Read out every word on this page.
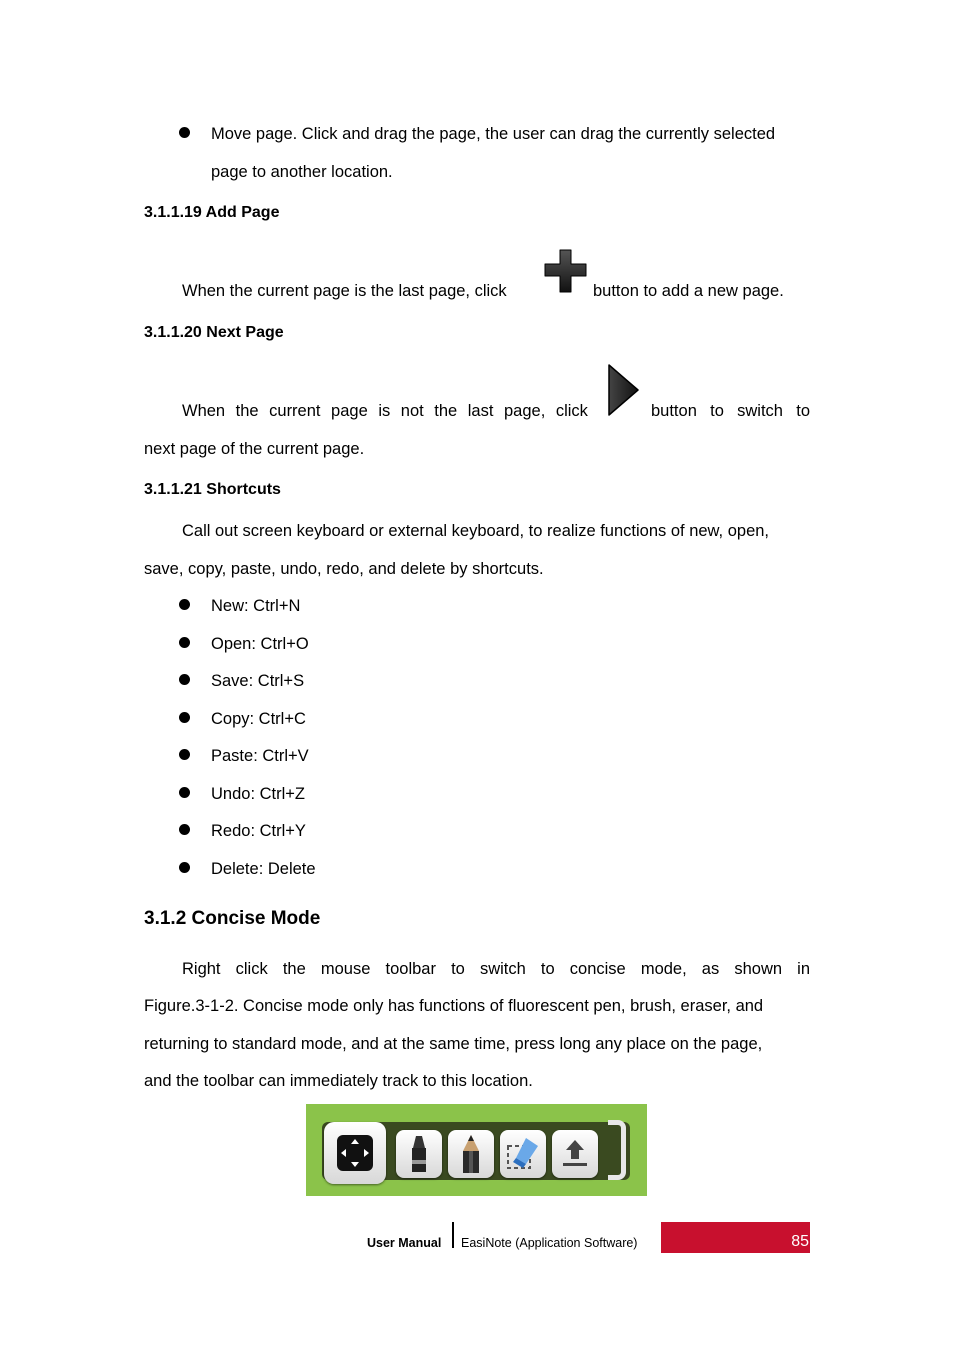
Move page. Click and drag the page, the user can drag the currently selected
page to another location.
3.1.1.19 Add Page
When the current page is the last page, click	button to add a new page.
3.1.1.20 Next Page
When the current page is not the last page, click	button to switch to
next page of the current page.
3.1.1.21 Shortcuts
Call out screen keyboard or external keyboard, to realize functions of new, open,
save, copy, paste, undo, redo, and delete by shortcuts.
New: Ctrl+N
Open: Ctrl+O
Save: Ctrl+S
Copy: Ctrl+C
Paste: Ctrl+V
Undo: Ctrl+Z
Redo: Ctrl+Y
Delete: Delete
3.1.2 Concise Mode
Right click the mouse toolbar to switch to concise mode, as shown in
Figure.3-1-2. Concise mode only has functions of fluorescent pen, brush, eraser, and
returning to standard mode, and at the same time, press long any place on the page,
and the toolbar can immediately track to this location.
User Manual EasiNote (Application Software)	85
